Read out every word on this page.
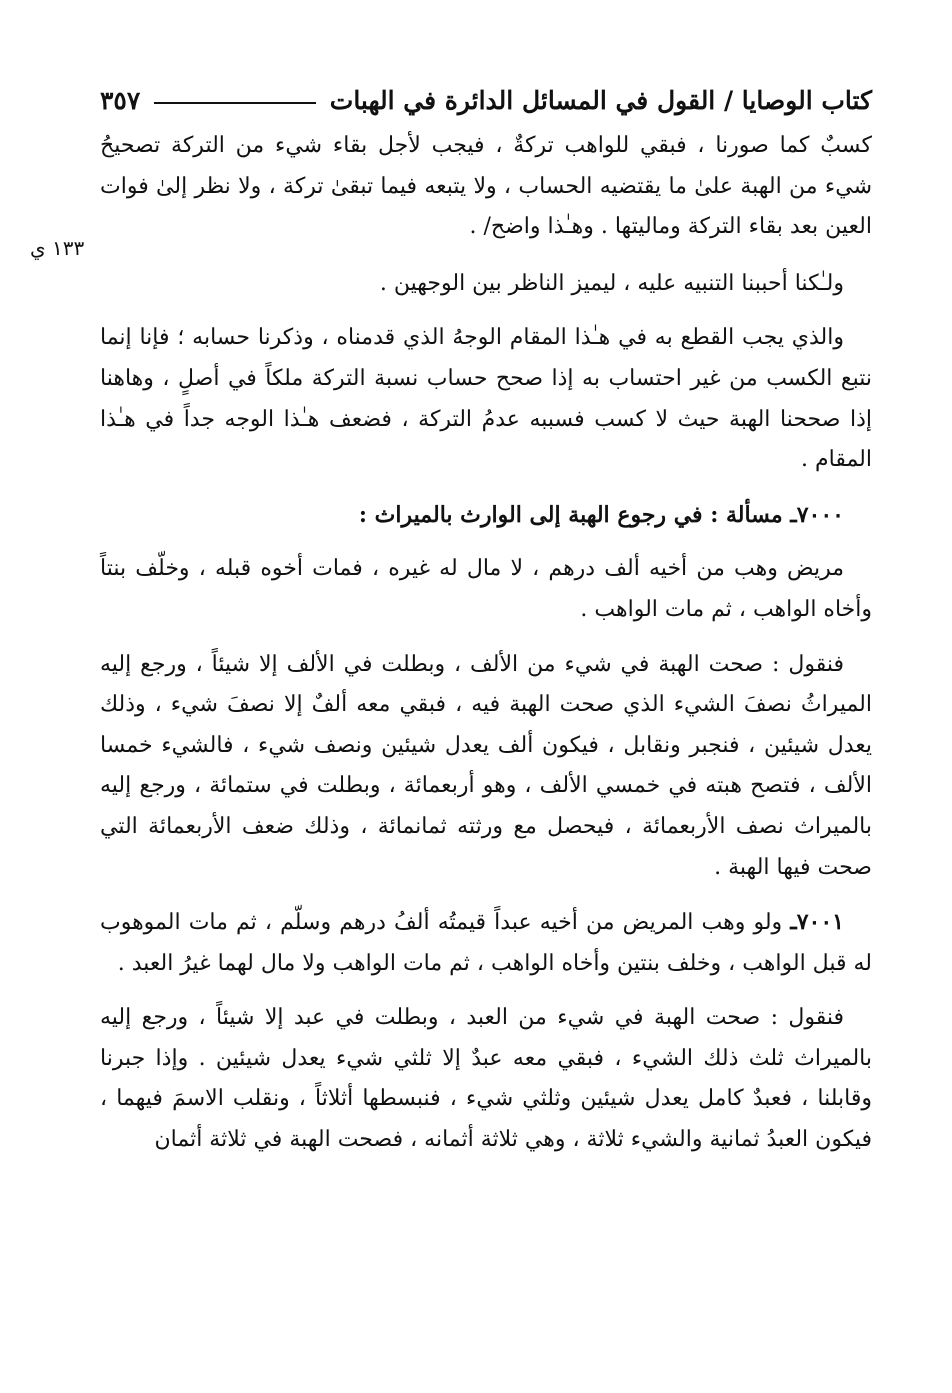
كتاب الوصايا / القول في المسائل الدائرة في الهبات
٣٥٧
١٣٣ ي

كسبٌ كما صورنا ، فبقي للواهب تركةٌ ، فيجب لأجل بقاء شيء من التركة تصحيحُ شيء من الهبة علىٰ ما يقتضيه الحساب ، ولا يتبعه فيما تبقىٰ تركة ، ولا نظر إلىٰ فوات العين بعد بقاء التركة وماليتها . وهـٰذا واضح/ .

ولـٰكنا أحببنا التنبيه عليه ، ليميز الناظر بين الوجهين .

والذي يجب القطع به في هـٰذا المقام الوجهُ الذي قدمناه ، وذكرنا حسابه ؛ فإنا إنما نتبع الكسب من غير احتساب به إذا صحح حساب نسبة التركة ملكاً في أصلٍ ، وهاهنا إذا صححنا الهبة حيث لا كسب فسببه عدمُ التركة ، فضعف هـٰذا الوجه جداً في هـٰذا المقام .

٧٠٠٠ـ مسألة : في رجوع الهبة إلى الوارث بالميراث :

مريض وهب من أخيه ألف درهم ، لا مال له غيره ، فمات أخوه قبله ، وخلّف بنتاً وأخاه الواهب ، ثم مات الواهب .

فنقول : صحت الهبة في شيء من الألف ، وبطلت في الألف إلا شيئاً ، ورجع إليه الميراثُ نصفَ الشيء الذي صحت الهبة فيه ، فبقي معه ألفٌ إلا نصفَ شيء ، وذلك يعدل شيئين ، فنجبر ونقابل ، فيكون ألف يعدل شيئين ونصف شيء ، فالشيء خمسا الألف ، فتصح هبته في خمسي الألف ، وهو أربعمائة ، وبطلت في ستمائة ، ورجع إليه بالميراث نصف الأربعمائة ، فيحصل مع ورثته ثمانمائة ، وذلك ضعف الأربعمائة التي صحت فيها الهبة .

٧٠٠١ـ ولو وهب المريض من أخيه عبداً قيمتُه ألفُ درهم وسلّم ، ثم مات الموهوب له قبل الواهب ، وخلف بنتين وأخاه الواهب ، ثم مات الواهب ولا مال لهما غيرُ العبد .

فنقول : صحت الهبة في شيء من العبد ، وبطلت في عبد إلا شيئاً ، ورجع إليه بالميراث ثلث ذلك الشيء ، فبقي معه عبدٌ إلا ثلثي شيء يعدل شيئين . وإذا جبرنا وقابلنا ، فعبدٌ كامل يعدل شيئين وثلثي شيء ، فنبسطها أثلاثاً ، ونقلب الاسمَ فيهما ، فيكون العبدُ ثمانية والشيء ثلاثة ، وهي ثلاثة أثمانه ، فصحت الهبة في ثلاثة أثمان
